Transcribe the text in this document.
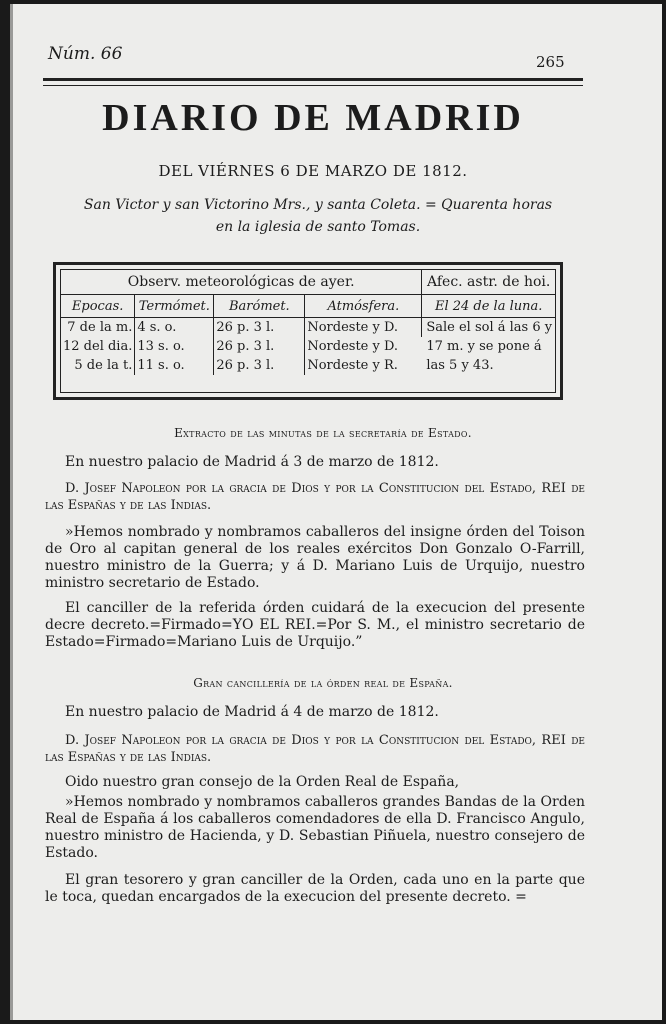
Núm. 66	265
DIARIO DE MADRID
DEL VIÉRNES 6 DE MARZO DE 1812.
San Victor y san Victorino Mrs., y santa Coleta. = Quarenta horas
en la iglesia de santo Tomas.
Observ. meteorológicas de ayer.				Afec. astr. de hoi.
Epocas.	Termómet.	Barómet.	Atmósfera.	El 24 de la luna.
7 de la m.	4 s. o.	26 p. 3 l.	Nordeste y D.	Sale el sol á las 6 y 17 m. y se pone á las 5 y 43.
12 del dia.	13 s. o.	26 p. 3 l.	Nordeste y D.	
5 de la t.	11 s. o.	26 p. 3 l.	Nordeste y R.	
Extracto de las minutas de la secretaría de Estado.
En nuestro palacio de Madrid á 3 de marzo de 1812.
D. Josef Napoleon por la gracia de Dios y por la Constitucion del Estado, REI de las Españas y de las Indias.
»Hemos nombrado y nombramos caballeros del insigne órden del Toison de Oro al capitan general de los reales exércitos Don Gonzalo O-Farrill, nuestro ministro de la Guerra; y á D. Mariano Luis de Urquijo, nuestro ministro secretario de Estado.
El canciller de la referida órden cuidará de la execucion del presente decre decreto.=Firmado=YO EL REI.=Por S. M., el ministro secretario de Estado=Firmado=Mariano Luis de Urquijo.”
Gran cancillería de la órden real de España.
En nuestro palacio de Madrid á 4 de marzo de 1812.
D. Josef Napoleon por la gracia de Dios y por la Constitucion del Estado, REI de las Españas y de las Indias.
Oido nuestro gran consejo de la Orden Real de España,
»Hemos nombrado y nombramos caballeros grandes Bandas de la Orden Real de España á los caballeros comendadores de ella D. Francisco Angulo, nuestro ministro de Hacienda, y D. Sebastian Piñuela, nuestro consejero de Estado.
El gran tesorero y gran canciller de la Orden, cada uno en la parte que le toca, quedan encargados de la execucion del presente decreto. =
